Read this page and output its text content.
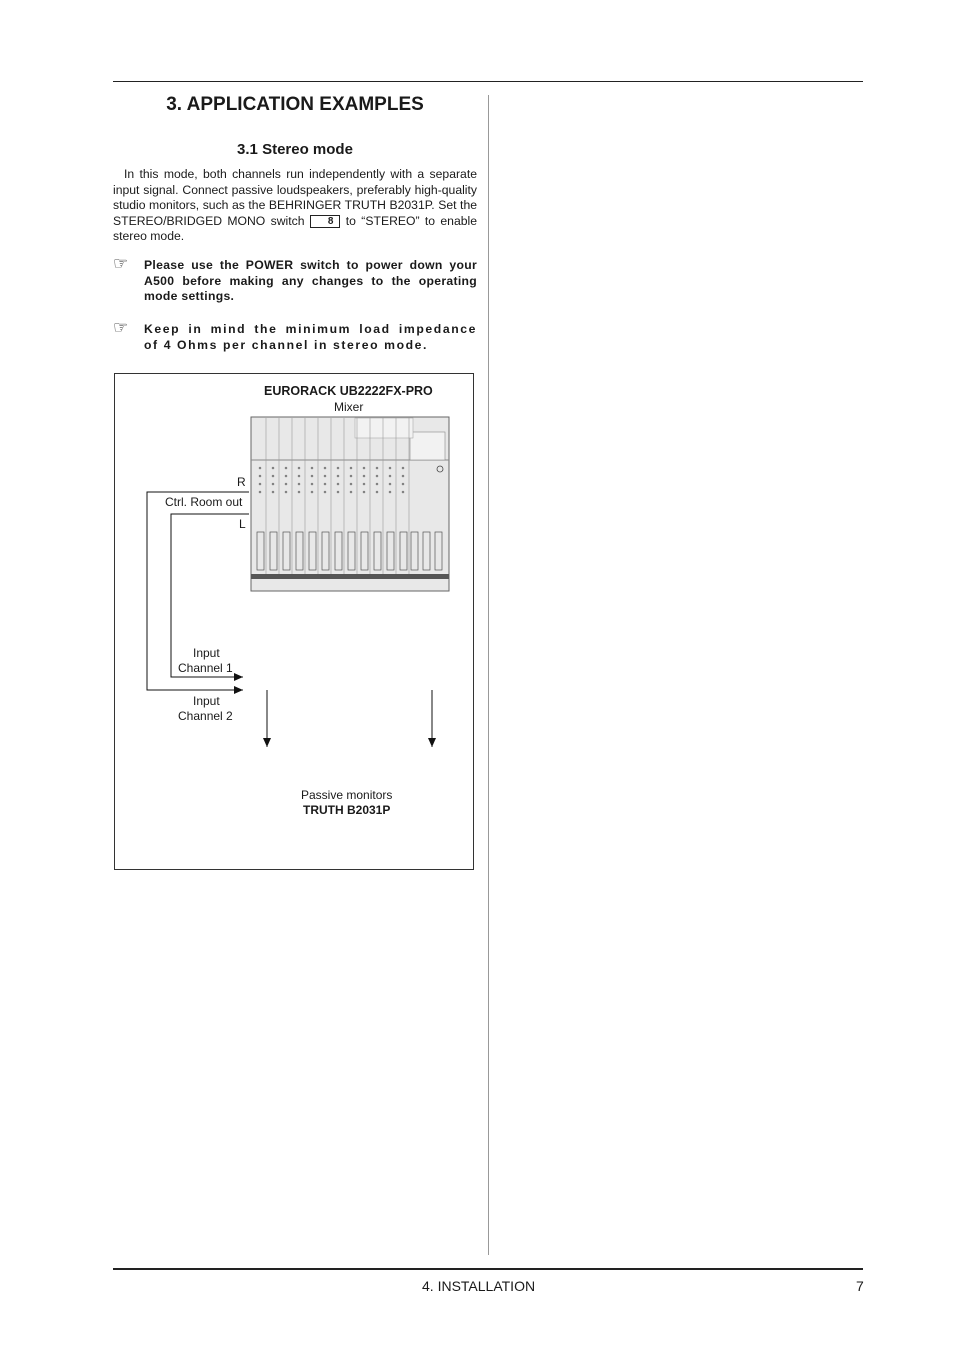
3. APPLICATION EXAMPLES
3.1 Stereo mode

In this mode, both channels run independently with a separate input signal. Connect passive loudspeakers, preferably high-quality studio monitors, such as the BEHRINGER TRUTH B2031P. Set the STEREO/BRIDGED MONO switch 8 to “STEREO” to enable stereo mode.

☞ Please use the POWER switch to power down your A500 before making any changes to the operating mode settings.

☞ Keep in mind the minimum load impedance of 4 Ohms per channel in stereo mode.

EURORACK UB2222FX-PRO
Mixer
R
Ctrl. Room out
L
Input
Channel 1
Input
Channel 2
Passive monitors
TRUTH B2031P
4. INSTALLATION	7
